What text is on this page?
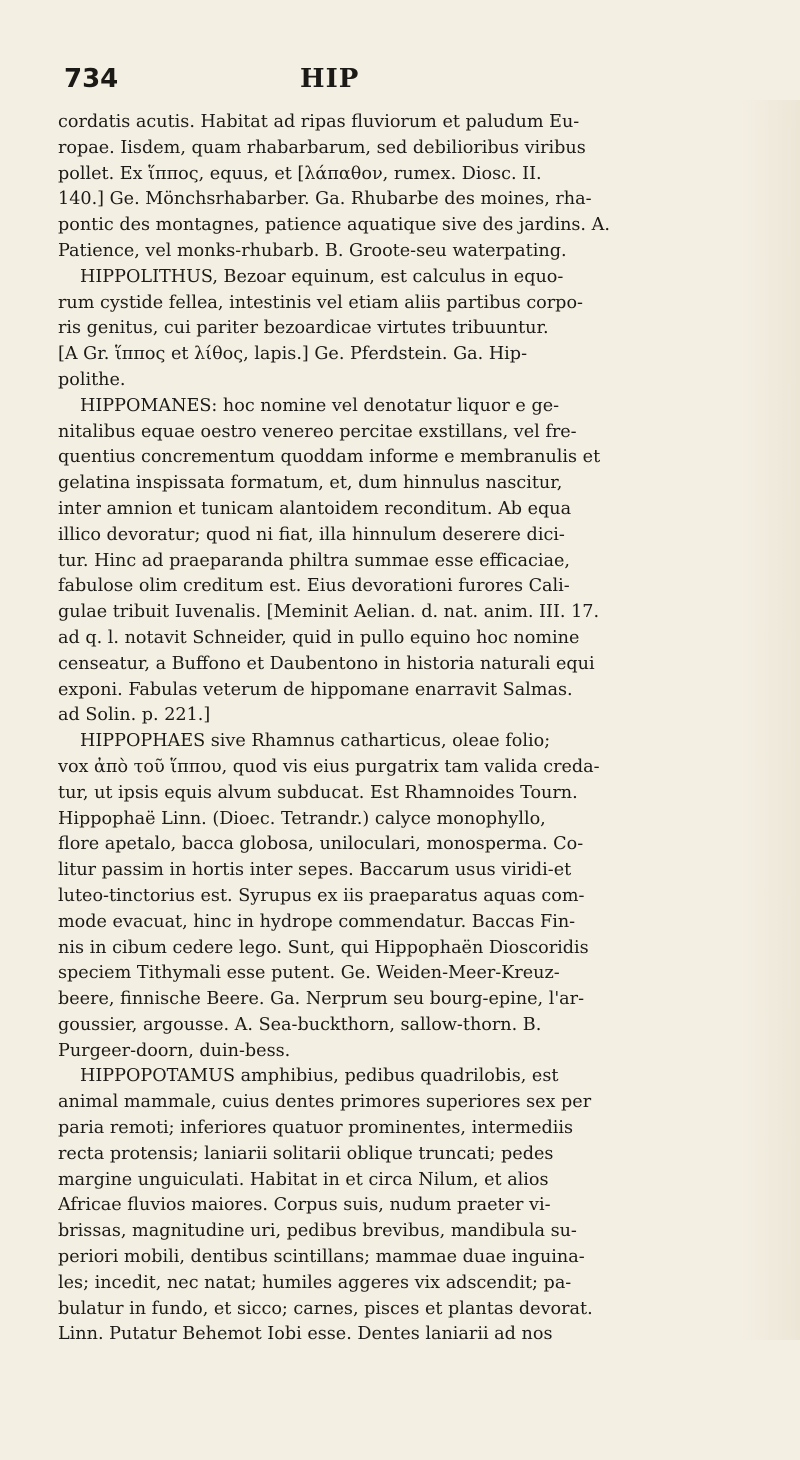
734	HIP
cordatis acutis. Habitat ad ripas fluviorum et paludum Eu-
ropae. Iisdem, quam rhabarbarum, sed debilioribus viribus
pollet. Ex ἵππος, equus, et [λάπαθον, rumex. Diosc. II.
140.] Ge. Mönchsrhabarber. Ga. Rhubarbe des moines, rha-
pontic des montagnes, patience aquatique sive des jardins. A.
Patience, vel monks-rhubarb. B. Groote-seu waterpating.
HIPPOLITHUS, Bezoar equinum, est calculus in equo-
rum cystide fellea, intestinis vel etiam aliis partibus corpo-
ris genitus, cui pariter bezoardicae virtutes tribuuntur.
[A Gr. ἵππος et λίθος, lapis.] Ge. Pferdstein. Ga. Hip-
polithe.
HIPPOMANES: hoc nomine vel denotatur liquor e ge-
nitalibus equae oestro venereo percitae exstillans, vel fre-
quentius concrementum quoddam informe e membranulis et
gelatina inspissata formatum, et, dum hinnulus nascitur,
inter amnion et tunicam alantoidem reconditum. Ab equa
illico devoratur; quod ni fiat, illa hinnulum deserere dici-
tur. Hinc ad praeparanda philtra summae esse efficaciae,
fabulose olim creditum est. Eius devorationi furores Cali-
gulae tribuit Iuvenalis. [Meminit Aelian. d. nat. anim. III. 17.
ad q. l. notavit Schneider, quid in pullo equino hoc nomine
censeatur, a Buffono et Daubentono in historia naturali equi
exponi. Fabulas veterum de hippomane enarravit Salmas.
ad Solin. p. 221.]
HIPPOPHAES sive Rhamnus catharticus, oleae folio;
vox ἀπὸ τοῦ ἵππου, quod vis eius purgatrix tam valida creda-
tur, ut ipsis equis alvum subducat. Est Rhamnoides Tourn.
Hippophaë Linn. (Dioec. Tetrandr.) calyce monophyllo,
flore apetalo, bacca globosa, uniloculari, monosperma. Co-
litur passim in hortis inter sepes. Baccarum usus viridi-et
luteo-tinctorius est. Syrupus ex iis praeparatus aquas com-
mode evacuat, hinc in hydrope commendatur. Baccas Fin-
nis in cibum cedere lego. Sunt, qui Hippophaën Dioscoridis
speciem Tithymali esse putent. Ge. Weiden-Meer-Kreuz-
beere, finnische Beere. Ga. Nerprum seu bourg-epine, l'ar-
goussier, argousse. A. Sea-buckthorn, sallow-thorn. B.
Purgeer-doorn, duin-bess.
HIPPOPOTAMUS amphibius, pedibus quadrilobis, est
animal mammale, cuius dentes primores superiores sex per
paria remoti; inferiores quatuor prominentes, intermediis
recta protensis; laniarii solitarii oblique truncati; pedes
margine unguiculati. Habitat in et circa Nilum, et alios
Africae fluvios maiores. Corpus suis, nudum praeter vi-
brissas, magnitudine uri, pedibus brevibus, mandibula su-
periori mobili, dentibus scintillans; mammae duae inguina-
les; incedit, nec natat; humiles aggeres vix adscendit; pa-
bulatur in fundo, et sicco; carnes, pisces et plantas devorat.
Linn. Putatur Behemot Iobi esse. Dentes laniarii ad nos
